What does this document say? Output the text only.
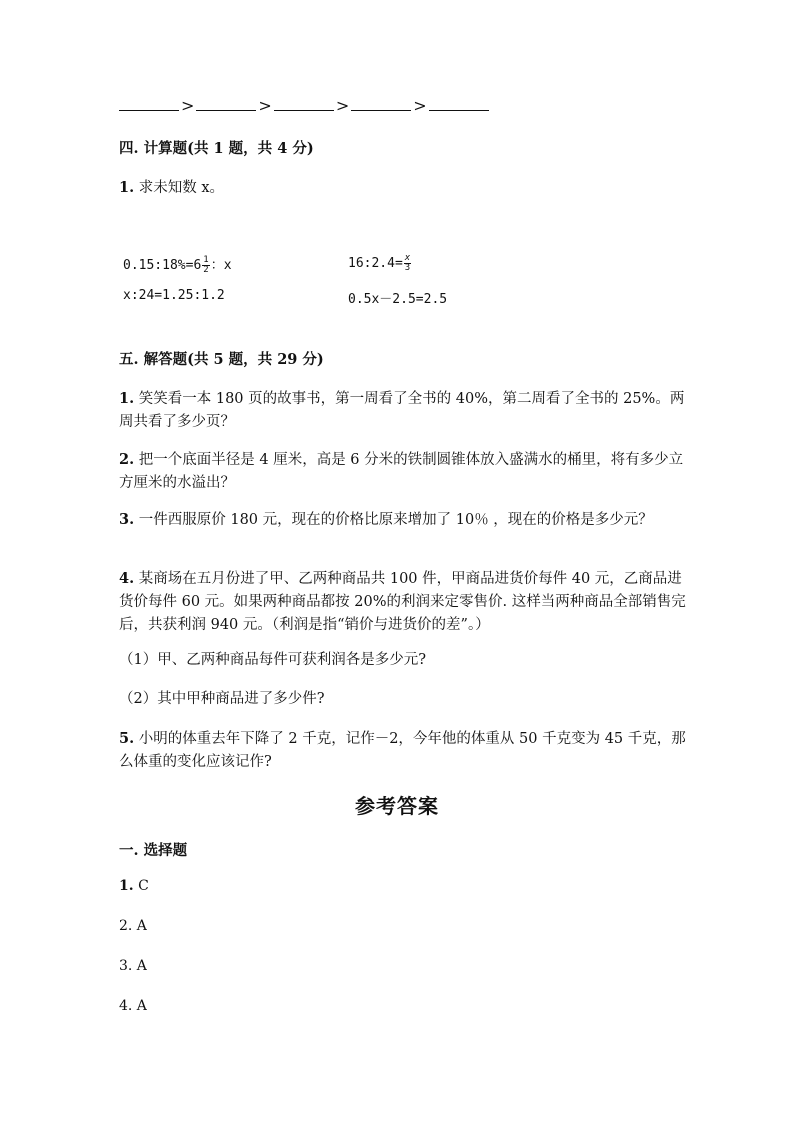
>	>	>	>
四. 计算题(共 1 题，共 4 分)
1. 求未知数 x。
0.15:18%=6 $\frac{1}{2}$ ：x	16:2.4= $\frac{x}{3}$
x:24=1.25:1.2	0.5x－2.5=2.5
五. 解答题(共 5 题，共 29 分)
1. 笑笑看一本 180 页的故事书，第一周看了全书的 40%，第二周看了全书的 25%。两周共看了多少页？
2. 把一个底面半径是 4 厘米，高是 6 分米的铁制圆锥体放入盛满水的桶里，将有多少立方厘米的水溢出？
3. 一件西服原价 180 元，现在的价格比原来增加了 10％ ，现在的价格是多少元？
4. 某商场在五月份进了甲、乙两种商品共 100 件，甲商品进货价每件 40 元，乙商品进货价每件 60 元。如果两种商品都按 20%的利润来定零售价. 这样当两种商品全部销售完后，共获利润 940 元。（利润是指“销价与进货价的差”。）
（1）甲、乙两种商品每件可获利润各是多少元?
（2）其中甲种商品进了多少件?
5. 小明的体重去年下降了 2 千克，记作－2，今年他的体重从 50 千克变为 45 千克，那么体重的变化应该记作?
参考答案
一. 选择题
1. C
2. A
3. A
4. A
